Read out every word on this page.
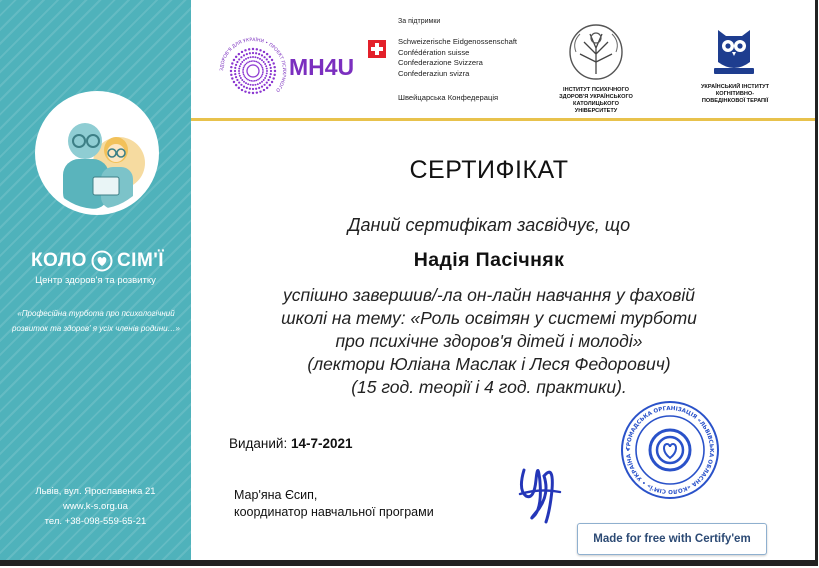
КОЛО СІМ'Ї
Центр здоров'я та розвитку
«Професійна турбота про психологічний розвиток та здоров' я усіх членів родини…»
Львів, вул. Ярославенка 21
www.k-s.org.ua
тел. +38-098-559-65-21
За підтримки
ЗДОРОВ'Я ДЛЯ УКРАЇНИ • ПРОЄКТ ПСИХІЧНОГО
MH4U
Schweizerische Eidgenossenschaft
Confédération suisse
Confederazione Svizzera
Confederaziun svizra
Швейцарська Конфедерація
ІНСТИТУТ ПСИХІЧНОГО
ЗДОРОВ'Я УКРАЇНСЬКОГО
КАТОЛИЦЬКОГО
УНІВЕРСИТЕТУ
УКРАЇНСЬКИЙ ІНСТИТУТ
КОГНІТИВНО-
ПОВЕДІНКОВОЇ ТЕРАПІЇ
СЕРТИФІКАТ
Даний сертифікат засвідчує, що
Надія Пасічняк
успішно завершив/-ла он-лайн навчання у фаховій
школі на тему: «Роль освітян у системі турботи
про психічне здоров'я дітей і молоді»
(лектори Юліана Маслак і Леся Федорович)
(15 год. теорії і 4 год. практики).
Виданий: 14-7-2021
Мар'яна Єсип,
координатор навчальної програми
ГРОМАДСЬКА ОРГАНІЗАЦІЯ «ЛЬВІВСЬКА ОБЛАСНА «КОЛО СІМ'Ї» • УКРАЇНА •
Made for free with Certify'em
